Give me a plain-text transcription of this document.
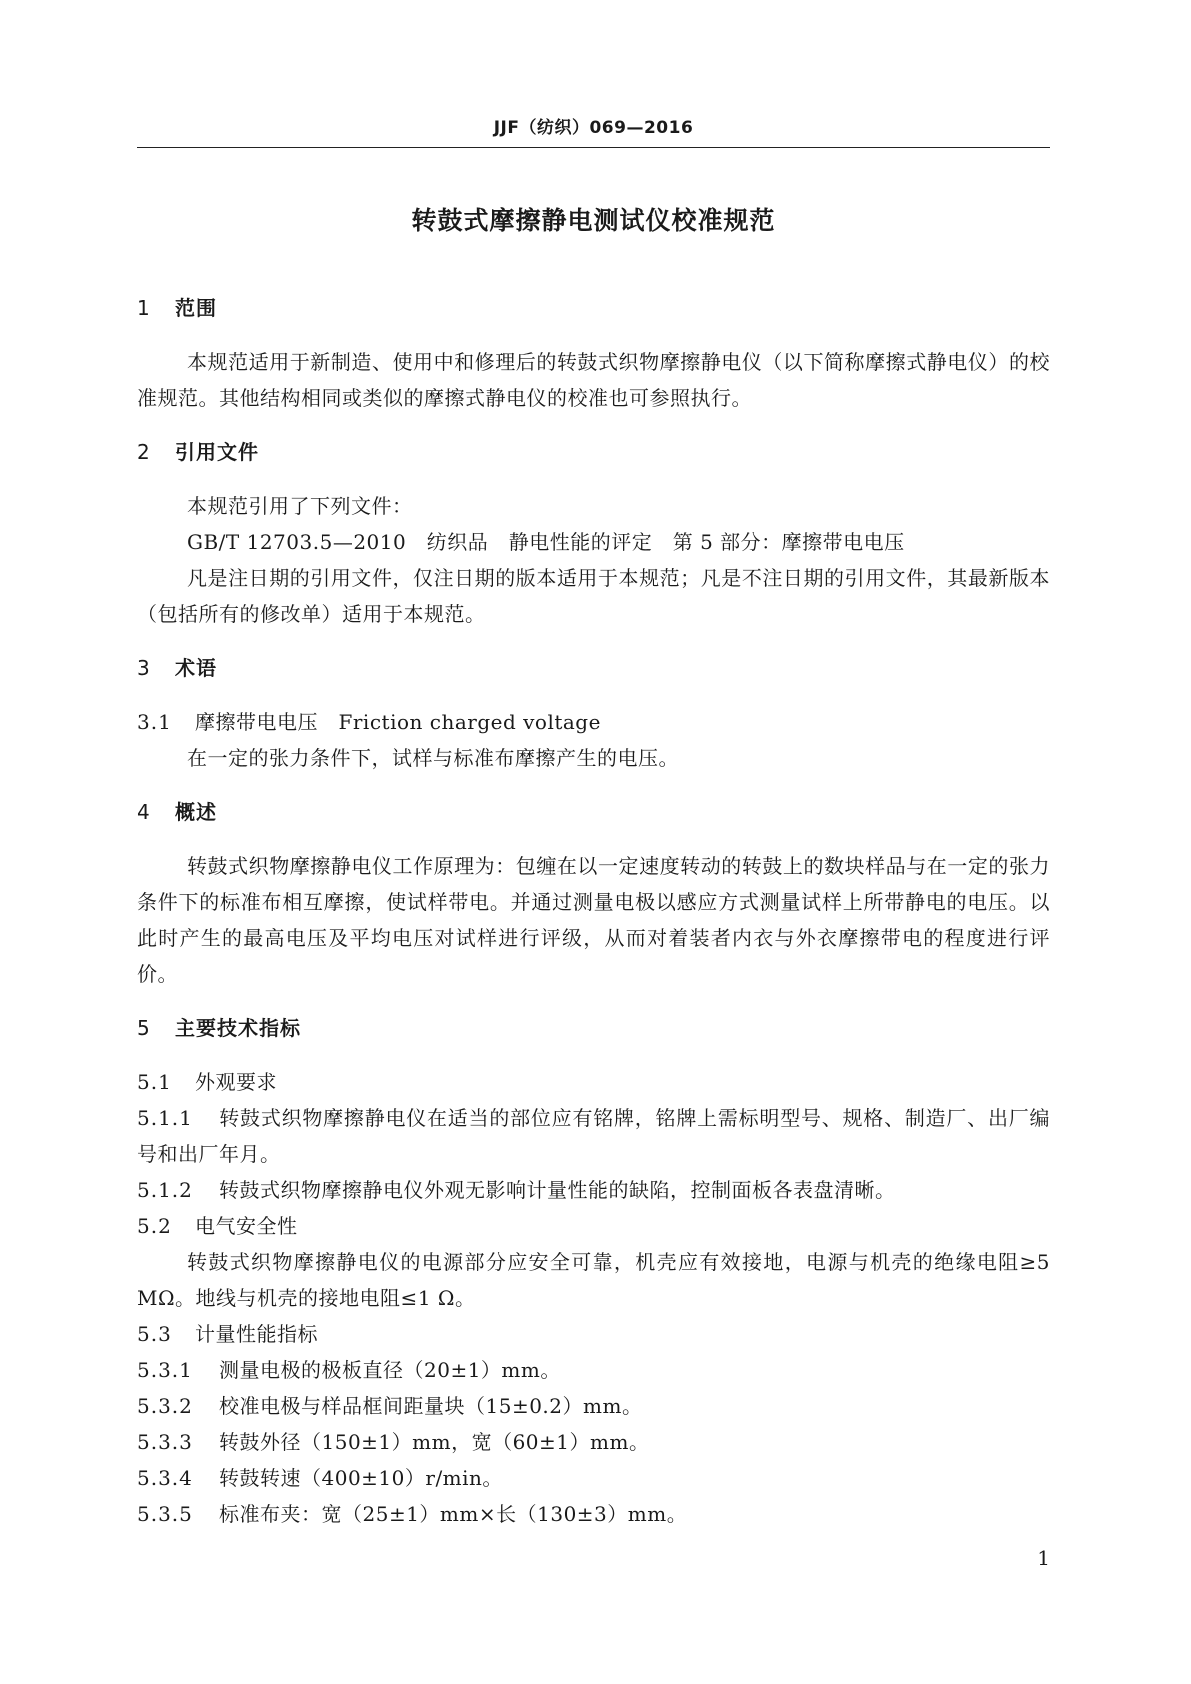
JJF（纺织）069—2016
转鼓式摩擦静电测试仪校准规范
1 范围
本规范适用于新制造、使用中和修理后的转鼓式织物摩擦静电仪（以下简称摩擦式静电仪）的校准规范。其他结构相同或类似的摩擦式静电仪的校准也可参照执行。
2 引用文件
本规范引用了下列文件：
GB/T 12703.5—2010　纺织品　静电性能的评定　第 5 部分：摩擦带电电压
凡是注日期的引用文件，仅注日期的版本适用于本规范；凡是不注日期的引用文件，其最新版本（包括所有的修改单）适用于本规范。
3 术语
3.1 摩擦带电电压　Friction charged voltage
在一定的张力条件下，试样与标准布摩擦产生的电压。
4 概述
转鼓式织物摩擦静电仪工作原理为：包缠在以一定速度转动的转鼓上的数块样品与在一定的张力条件下的标准布相互摩擦，使试样带电。并通过测量电极以感应方式测量试样上所带静电的电压。以此时产生的最高电压及平均电压对试样进行评级，从而对着装者内衣与外衣摩擦带电的程度进行评价。
5 主要技术指标
5.1 外观要求
5.1.1 转鼓式织物摩擦静电仪在适当的部位应有铭牌，铭牌上需标明型号、规格、制造厂、出厂编号和出厂年月。
5.1.2 转鼓式织物摩擦静电仪外观无影响计量性能的缺陷，控制面板各表盘清晰。
5.2 电气安全性
转鼓式织物摩擦静电仪的电源部分应安全可靠，机壳应有效接地，电源与机壳的绝缘电阻≥5 MΩ。地线与机壳的接地电阻≤1 Ω。
5.3 计量性能指标
5.3.1 测量电极的极板直径（20±1）mm。
5.3.2 校准电极与样品框间距量块（15±0.2）mm。
5.3.3 转鼓外径（150±1）mm，宽（60±1）mm。
5.3.4 转鼓转速（400±10）r/min。
5.3.5 标准布夹：宽（25±1）mm×长（130±3）mm。
1
